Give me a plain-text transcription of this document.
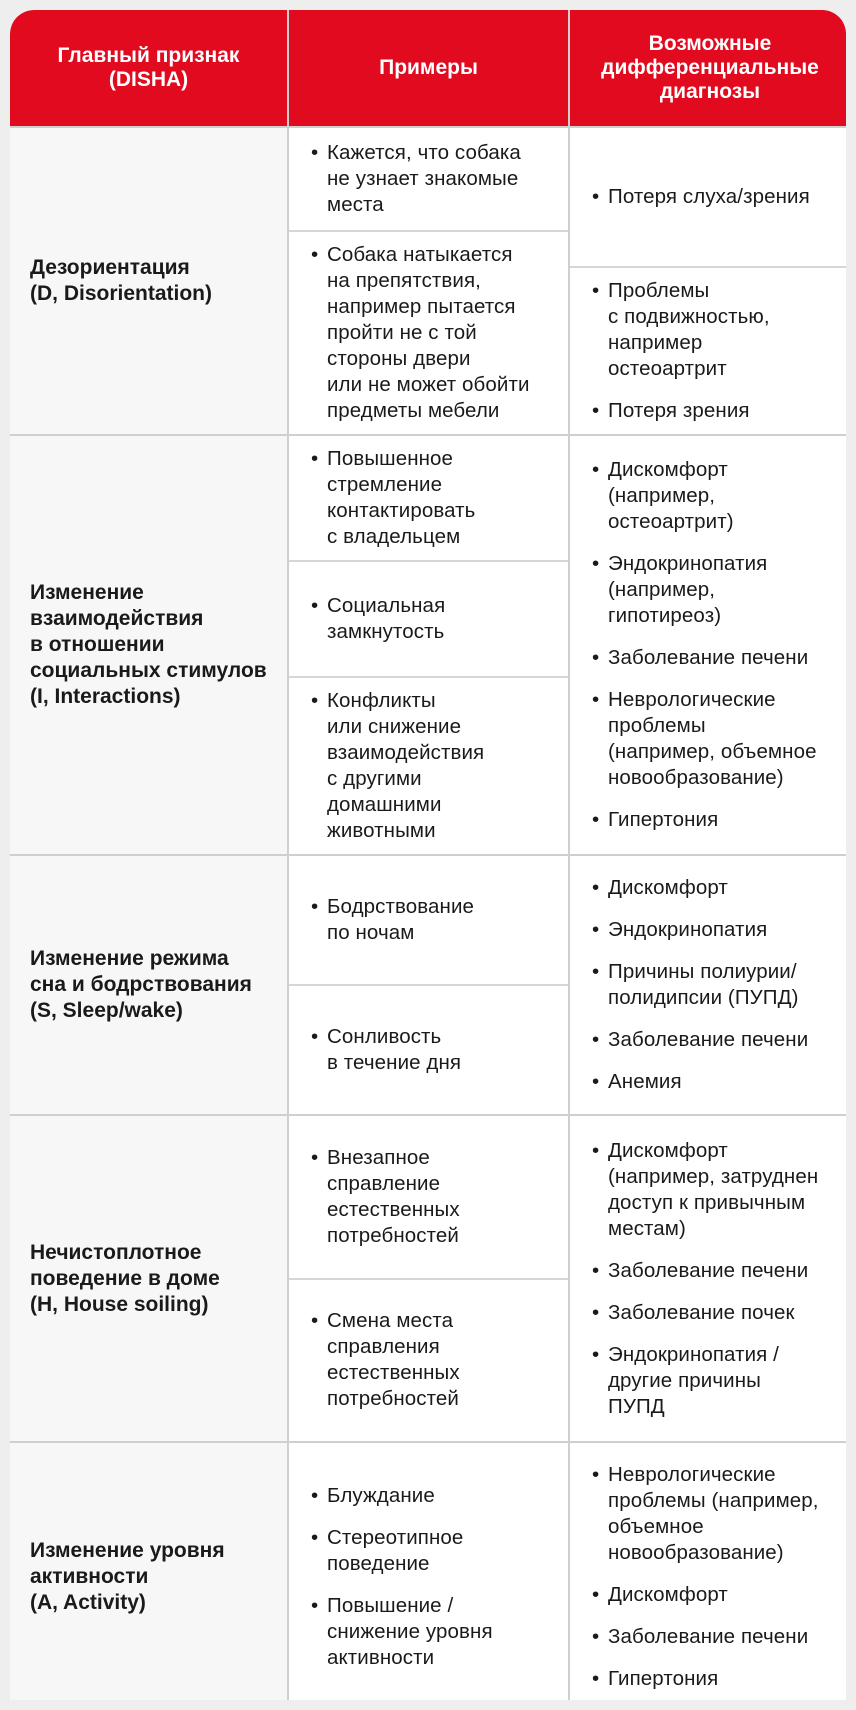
Главный признак
(DISHA)
Примеры
Возможные
дифференциальные
диагнозы
Дезориентация
(D, Disorientation)
• Кажется, что собака
не узнает знакомые
места
• Собака натыкается
на препятствия,
например пытается
пройти не с той
стороны двери
или не может обойти
предметы мебели
• Потеря слуха/зрения
• Проблемы
с подвижностью,
например
остеоартрит
• Потеря зрения
Изменение
взаимодействия
в отношении
социальных стимулов
(I, Interactions)
• Повышенное
стремление
контактировать
с владельцем
• Социальная
замкнутость
• Конфликты
или снижение
взаимодействия
с другими
домашними
животными
• Дискомфорт
(например,
остеоартрит)
• Эндокринопатия
(например,
гипотиреоз)
• Заболевание печени
• Неврологические
проблемы
(например, объемное
новообразование)
• Гипертония
Изменение режима
сна и бодрствования
(S, Sleep/wake)
• Бодрствование
по ночам
• Сонливость
в течение дня
• Дискомфорт
• Эндокринопатия
• Причины полиурии/
полидипсии (ПУПД)
• Заболевание печени
• Анемия
Нечистоплотное
поведение в доме
(H, House soiling)
• Внезапное
справление
естественных
потребностей
• Смена места
справления
естественных
потребностей
• Дискомфорт
(например, затруднен
доступ к привычным
местам)
• Заболевание печени
• Заболевание почек
• Эндокринопатия /
другие причины
ПУПД
Изменение уровня
активности
(A, Activity)
• Блуждание
• Стереотипное
поведение
• Повышение /
снижение уровня
активности
• Неврологические
проблемы (например,
объемное
новообразование)
• Дискомфорт
• Заболевание печени
• Гипертония
